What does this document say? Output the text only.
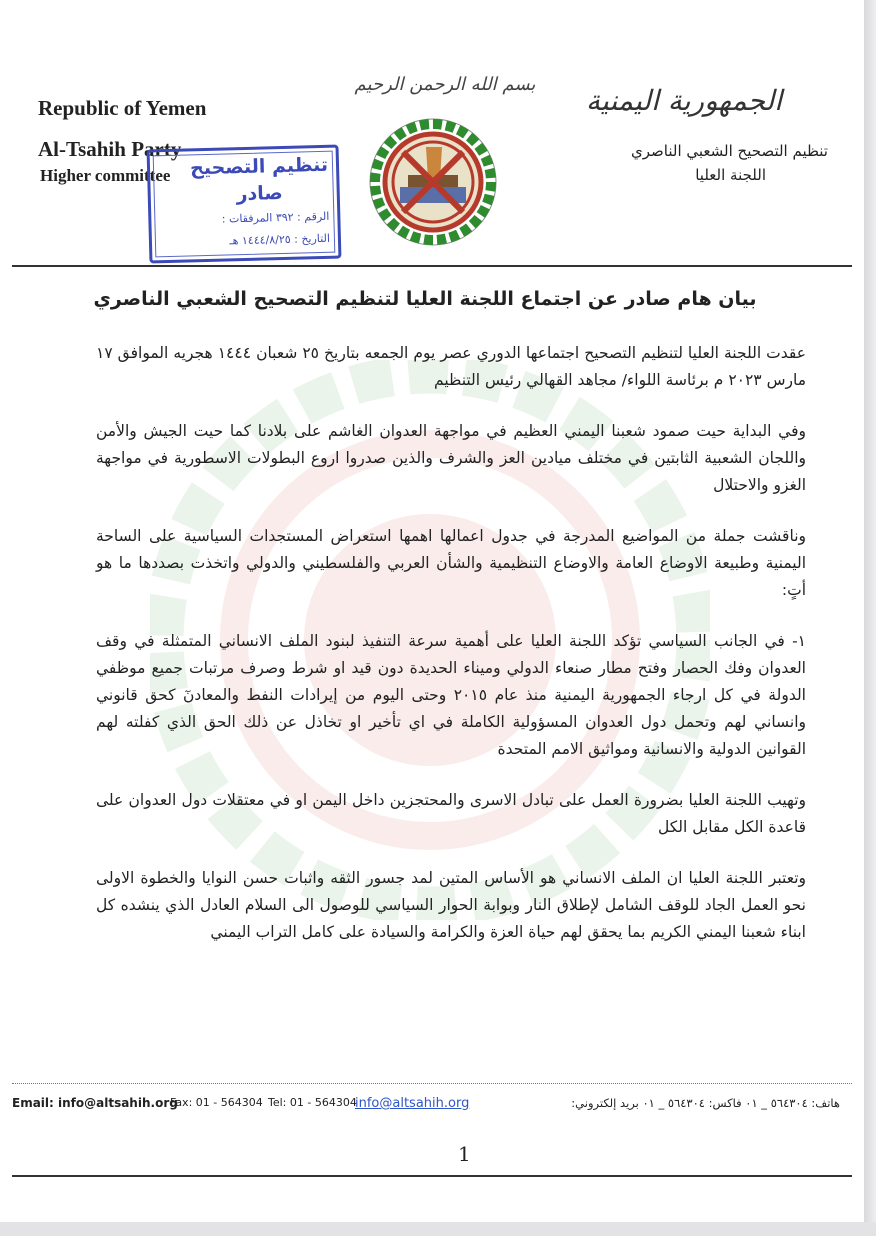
Republic of Yemen
Al-Tsahih Party
Higher committee
الجمهورية اليمنية
تنظيم التصحيح الشعبي الناصري
اللجنة العليا
بسم الله الرحمن الرحيم
تنظيم التصحيح
صادر
الرقم : ٣٩٢ المرفقات :
التاريخ : ١٤٤٤/٨/٢٥ هـ
بيان هام صادر عن اجتماع اللجنة العليا لتنظيم التصحيح الشعبي الناصري

عقدت اللجنة العليا لتنظيم التصحيح اجتماعها الدوري عصر يوم الجمعه بتاريخ ٢٥ شعبان ١٤٤٤ هجريه الموافق ١٧ مارس ٢٠٢٣ م برئاسة اللواء/ مجاهد القهالي رئيس التنظيم

وفي البداية حيت صمود شعبنا اليمني العظيم في مواجهة العدوان الغاشم على بلادنا كما حيت الجيش والأمن واللجان الشعبية الثابتين في مختلف ميادين العز والشرف والذين صدروا اروع البطولات الاسطورية في مواجهة الغزو والاحتلال

وناقشت جملة من المواضيع المدرجة في جدول اعمالها اهمها استعراض المستجدات السياسية على الساحة اليمنية وطبيعة الاوضاع العامة والاوضاع التنظيمية والشأن العربي والفلسطيني والدولي واتخذت بصددها ما هو أتٍ:

١- في الجانب السياسي تؤكد اللجنة العليا على أهمية سرعة التنفيذ لبنود الملف الانساني المتمثلة في وقف العدوان وفك الحصار وفتح مطار صنعاء الدولي وميناء الحديدة دون قيد او شرط وصرف مرتبات جميع موظفي الدولة في كل ارجاء الجمهورية اليمنية منذ عام ٢٠١٥ وحتى اليوم من إيرادات النفط والمعادنٓ كحق قانوني وانساني لهم وتحمل دول العدوان المسؤولية الكاملة في اي تأخير او تخاذل عن ذلك الحق الذي كفلته لهم القوانين الدولية والانسانية ومواثيق الامم المتحدة

وتهيب اللجنة العليا بضرورة العمل على تبادل الاسرى والمحتجزين داخل اليمن او في معتقلات دول العدوان على قاعدة الكل مقابل الكل

وتعتبر اللجنة العليا ان الملف الانساني هو الأساس المتين لمد جسور الثقه واثبات حسن النوايا والخطوة الاولى نحو العمل الجاد للوقف الشامل لإطلاق النار وبوابة الحوار السياسي للوصول الى السلام العادل الذي ينشده كل ابناء شعبنا اليمني الكريم بما يحقق لهم حياة العزة والكرامة والسيادة على كامل التراب اليمني

Email: info@altsahih.org
Fax: 01 - 564304 Tel: 01 - 564304
info@altsahih.org	هاتف: ٥٦٤٣٠٤ _ ٠١ فاكس: ٥٦٤٣٠٤ _ ٠١ بريد إلكتروني:
1
